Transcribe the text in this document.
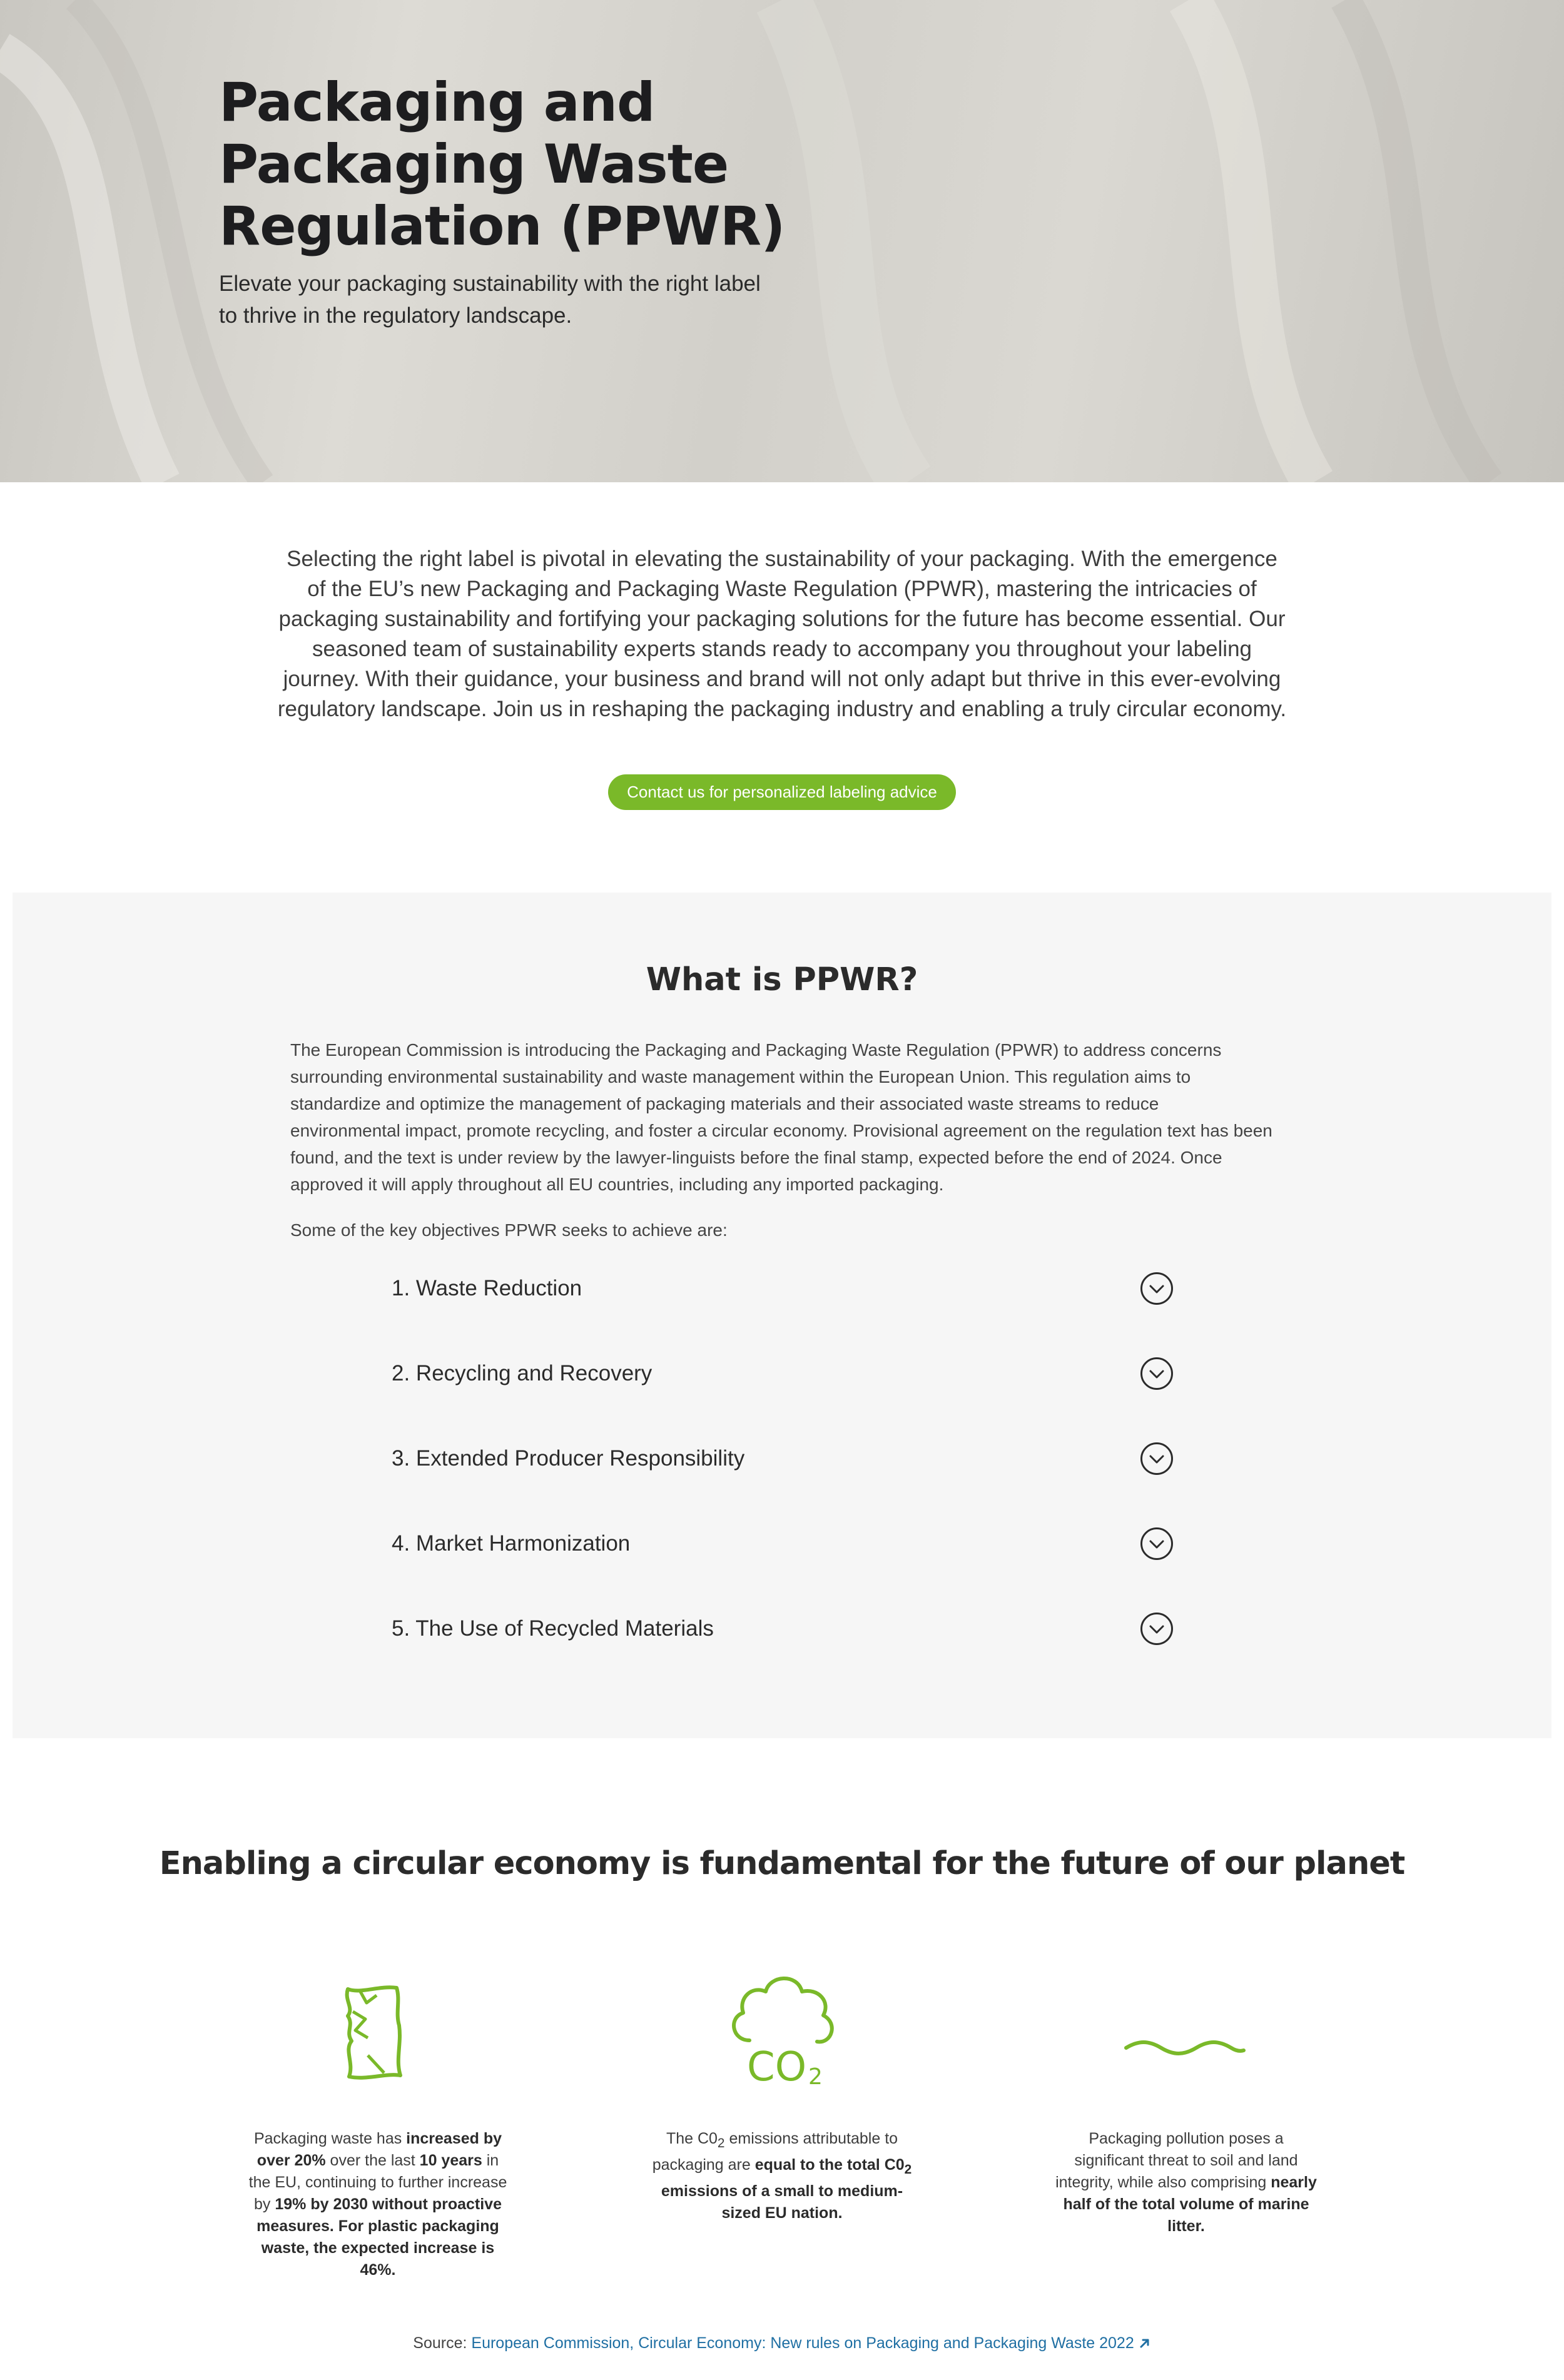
Packaging and Packaging Waste Regulation (PPWR)

Elevate your packaging sustainability with the right label to thrive in the regulatory landscape.

Selecting the right label is pivotal in elevating the sustainability of your packaging. With the emergence of the EU’s new Packaging and Packaging Waste Regulation (PPWR), mastering the intricacies of packaging sustainability and fortifying your packaging solutions for the future has become essential. Our seasoned team of sustainability experts stands ready to accompany you throughout your labeling journey. With their guidance, your business and brand will not only adapt but thrive in this ever-evolving regulatory landscape. Join us in reshaping the packaging industry and enabling a truly circular economy.

Contact us for personalized labeling advice
What is PPWR?

The European Commission is introducing the Packaging and Packaging Waste Regulation (PPWR) to address concerns surrounding environmental sustainability and waste management within the European Union. This regulation aims to standardize and optimize the management of packaging materials and their associated waste streams to reduce environmental impact, promote recycling, and foster a circular economy. Provisional agreement on the regulation text has been found, and the text is under review by the lawyer-linguists before the final stamp, expected before the end of 2024. Once approved it will apply throughout all EU countries, including any imported packaging.

Some of the key objectives PPWR seeks to achieve are:

1. Waste Reduction
2. Recycling and Recovery
3. Extended Producer Responsibility
4. Market Harmonization
5. The Use of Recycled Materials
Enabling a circular economy is fundamental for the future of our planet
CO 2

Packaging waste has increased by over 20% over the last 10 years in the EU, continuing to further increase by 19% by 2030 without proactive measures. For plastic packaging waste, the expected increase is 46%.

The $C0_2$ emissions attributable to packaging are equal to the total $C0_2$ emissions of a small to medium-sized EU nation.

Packaging pollution poses a significant threat to soil and land integrity, while also comprising nearly half of the total volume of marine litter.

Source: European Commission, Circular Economy: New rules on Packaging and Packaging Waste 2022
